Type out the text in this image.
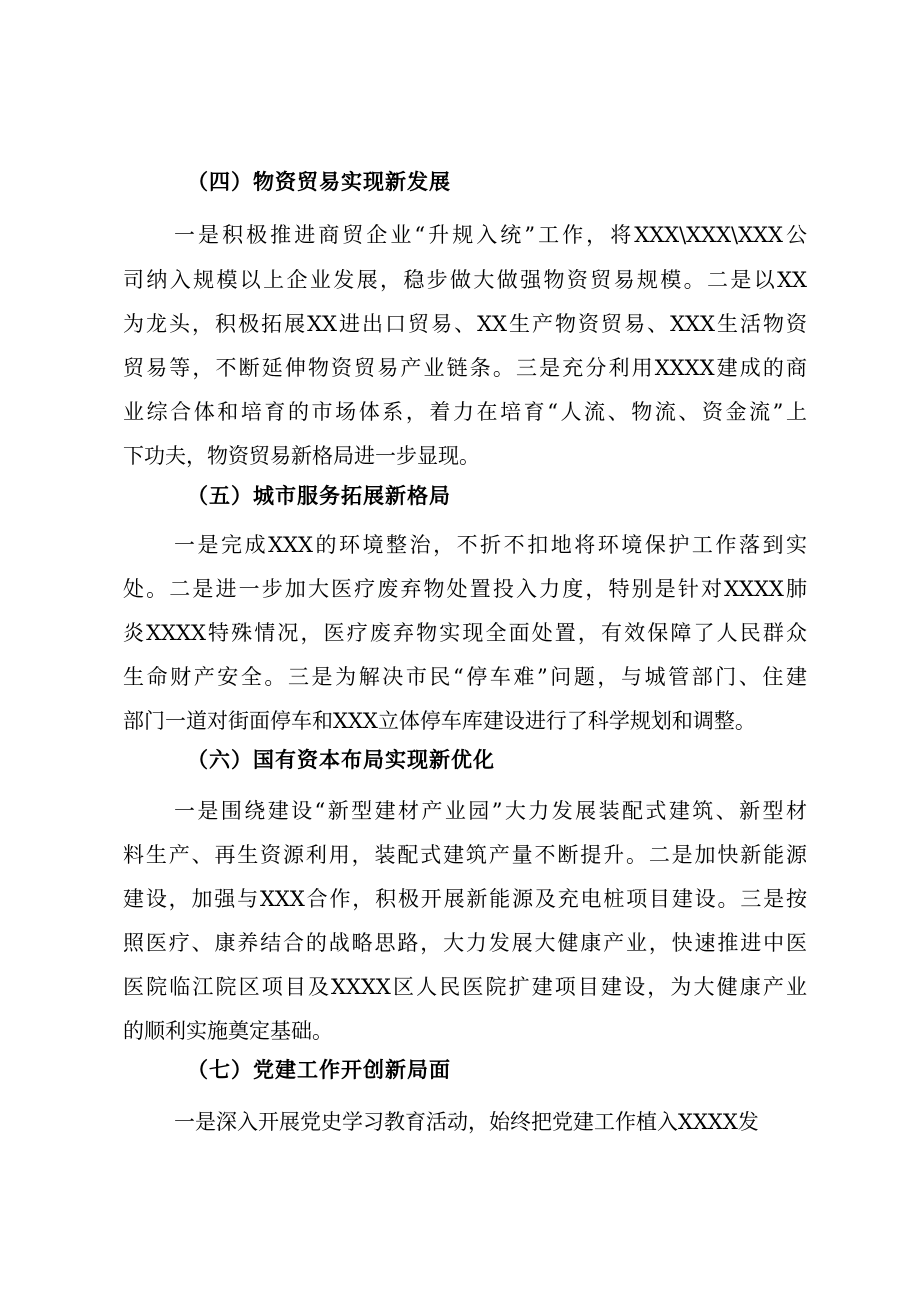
（四）物资贸易实现新发展
一是积极推进商贸企业“升规入统”工作，将XXX\XXX\XXX公
司纳入规模以上企业发展，稳步做大做强物资贸易规模。二是以XX
为龙头，积极拓展XX进出口贸易、XX生产物资贸易、XXX生活物资
贸易等，不断延伸物资贸易产业链条。三是充分利用XXXX建成的商
业综合体和培育的市场体系，着力在培育“人流、物流、资金流”上
下功夫，物资贸易新格局进一步显现。
（五）城市服务拓展新格局
一是完成XXX的环境整治，不折不扣地将环境保护工作落到实
处。二是进一步加大医疗废弃物处置投入力度，特别是针对XXXX肺
炎XXXX特殊情况，医疗废弃物实现全面处置，有效保障了人民群众
生命财产安全。三是为解决市民“停车难”问题，与城管部门、住建
部门一道对街面停车和XXX立体停车库建设进行了科学规划和调整。
（六）国有资本布局实现新优化
一是围绕建设“新型建材产业园”大力发展装配式建筑、新型材
料生产、再生资源利用，装配式建筑产量不断提升。二是加快新能源
建设，加强与XXX合作，积极开展新能源及充电桩项目建设。三是按
照医疗、康养结合的战略思路，大力发展大健康产业，快速推进中医
医院临江院区项目及XXXX区人民医院扩建项目建设，为大健康产业
的顺利实施奠定基础。
（七）党建工作开创新局面
一是深入开展党史学习教育活动，始终把党建工作植入XXXX发
